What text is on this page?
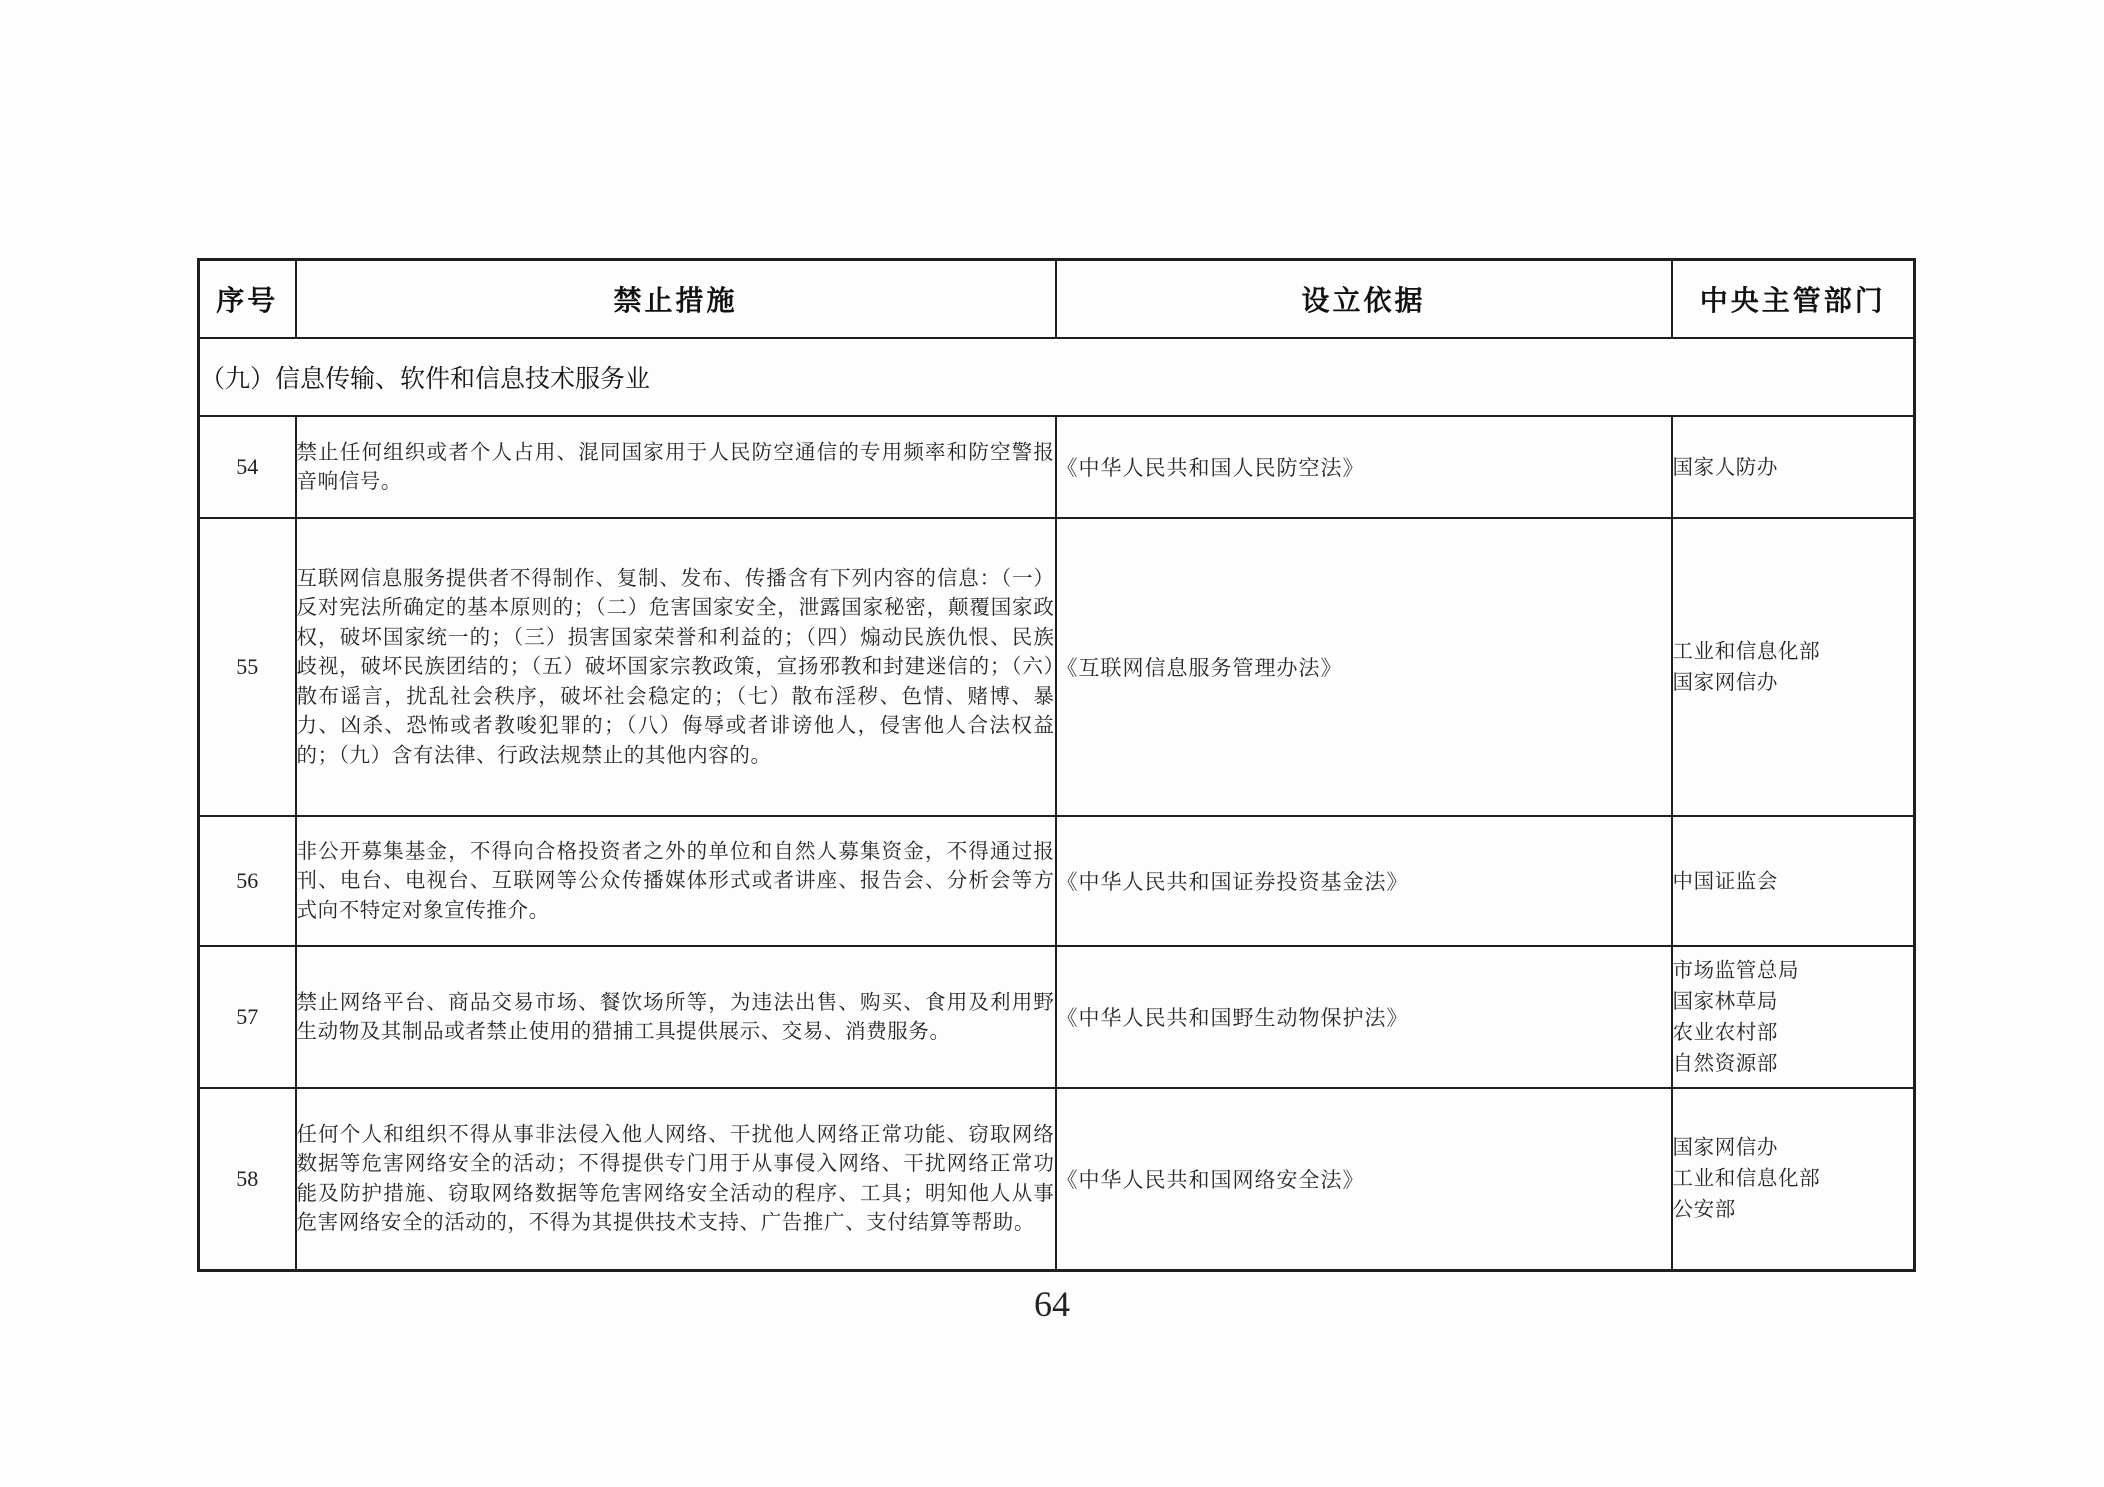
序号	禁止措施	设立依据	中央主管部门
（九）信息传输、软件和信息技术服务业			
54	禁止任何组织或者个人占用、混同国家用于人民防空通信的专用频率和防空警报音响信号。	《中华人民共和国人民防空法》	国家人防办

55	互联网信息服务提供者不得制作、复制、发布、传播含有下列内容的信息：（一）反对宪法所确定的基本原则的；（二）危害国家安全，泄露国家秘密，颠覆国家政权，破坏国家统一的；（三）损害国家荣誉和利益的；（四）煽动民族仇恨、民族歧视，破坏民族团结的；（五）破坏国家宗教政策，宣扬邪教和封建迷信的；（六）散布谣言，扰乱社会秩序，破坏社会稳定的；（七）散布淫秽、色情、赌博、暴力、凶杀、恐怖或者教唆犯罪的；（八）侮辱或者诽谤他人，侵害他人合法权益的；（九）含有法律、行政法规禁止的其他内容的。	《互联网信息服务管理办法》	工业和信息化部
国家网信办

56	非公开募集基金，不得向合格投资者之外的单位和自然人募集资金，不得通过报刊、电台、电视台、互联网等公众传播媒体形式或者讲座、报告会、分析会等方式向不特定对象宣传推介。	《中华人民共和国证券投资基金法》	中国证监会

57	禁止网络平台、商品交易市场、餐饮场所等，为违法出售、购买、食用及利用野生动物及其制品或者禁止使用的猎捕工具提供展示、交易、消费服务。	《中华人民共和国野生动物保护法》	市场监管总局
国家林草局
农业农村部
自然资源部

58	任何个人和组织不得从事非法侵入他人网络、干扰他人网络正常功能、窃取网络数据等危害网络安全的活动；不得提供专门用于从事侵入网络、干扰网络正常功能及防护措施、窃取网络数据等危害网络安全活动的程序、工具；明知他人从事危害网络安全的活动的，不得为其提供技术支持、广告推广、支付结算等帮助。	《中华人民共和国网络安全法》	国家网信办
工业和信息化部
公安部
64
